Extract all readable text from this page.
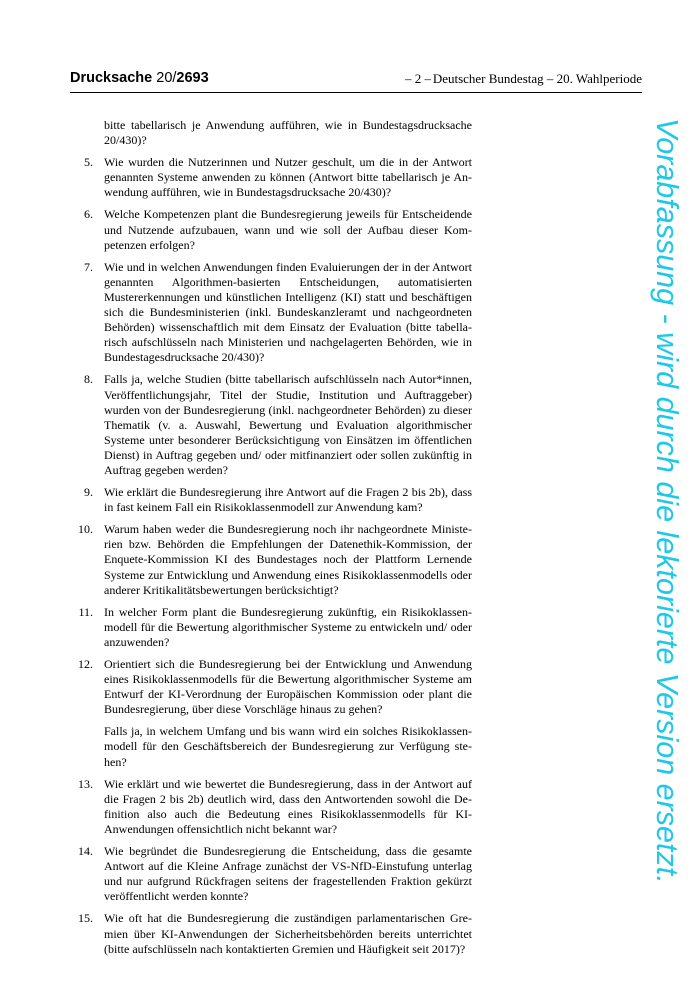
Drucksache 20/2693	– 2 – Deutscher Bundestag – 20. Wahlperiode
bitte tabellarisch je Anwendung aufführen, wie in Bundestagsdrucksache 20/430)?
5. Wie wurden die Nutzerinnen und Nutzer geschult, um die in der Antwort genannten Systeme anwenden zu können (Antwort bitte tabellarisch je Anwendung aufführen, wie in Bundestagsdrucksache 20/430)?
6. Welche Kompetenzen plant die Bundesregierung jeweils für Entscheidende und Nutzende aufzubauen, wann und wie soll der Aufbau dieser Kompetenzen erfolgen?
7. Wie und in welchen Anwendungen finden Evaluierungen der in der Antwort genannten Algorithmen-basierten Entscheidungen, automatisierten Mustererkennungen und künstlichen Intelligenz (KI) statt und beschäftigen sich die Bundesministerien (inkl. Bundeskanzleramt und nachgeordneten Behörden) wissenschaftlich mit dem Einsatz der Evaluation (bitte tabellarisch aufschlüsseln nach Ministerien und nachgelagerten Behörden, wie in Bundestagesdrucksache 20/430)?
8. Falls ja, welche Studien (bitte tabellarisch aufschlüsseln nach Autor*innen, Veröffentlichungsjahr, Titel der Studie, Institution und Auftraggeber) wurden von der Bundesregierung (inkl. nachgeordneter Behörden) zu dieser Thematik (v. a. Auswahl, Bewertung und Evaluation algorithmischer Systeme unter besonderer Berücksichtigung von Einsätzen im öffentlichen Dienst) in Auftrag gegeben und/ oder mitfinanziert oder sollen zukünftig in Auftrag gegeben werden?
9. Wie erklärt die Bundesregierung ihre Antwort auf die Fragen 2 bis 2b), dass in fast keinem Fall ein Risikoklassenmodell zur Anwendung kam?
10. Warum haben weder die Bundesregierung noch ihr nachgeordnete Ministerien bzw. Behörden die Empfehlungen der Datenethik-Kommission, der Enquete-Kommission KI des Bundestages noch der Plattform Lernende Systeme zur Entwicklung und Anwendung eines Risikoklassenmodells oder anderer Kritikalitätsbewertungen berücksichtigt?
11. In welcher Form plant die Bundesregierung zukünftig, ein Risikoklassenmodell für die Bewertung algorithmischer Systeme zu entwickeln und/ oder anzuwenden?
12. Orientiert sich die Bundesregierung bei der Entwicklung und Anwendung eines Risikoklassenmodells für die Bewertung algorithmischer Systeme am Entwurf der KI-Verordnung der Europäischen Kommission oder plant die Bundesregierung, über diese Vorschläge hinaus zu gehen?
Falls ja, in welchem Umfang und bis wann wird ein solches Risikoklassenmodell für den Geschäftsbereich der Bundesregierung zur Verfügung stehen?
13. Wie erklärt und wie bewertet die Bundesregierung, dass in der Antwort auf die Fragen 2 bis 2b) deutlich wird, dass den Antwortenden sowohl die Definition also auch die Bedeutung eines Risikoklassenmodells für KI-Anwendungen offensichtlich nicht bekannt war?
14. Wie begründet die Bundesregierung die Entscheidung, dass die gesamte Antwort auf die Kleine Anfrage zunächst der VS-NfD-Einstufung unterlag und nur aufgrund Rückfragen seitens der fragestellenden Fraktion gekürzt veröffentlicht werden konnte?
15. Wie oft hat die Bundesregierung die zuständigen parlamentarischen Gremien über KI-Anwendungen der Sicherheitsbehörden bereits unterrichtet (bitte aufschlüsseln nach kontaktierten Gremien und Häufigkeit seit 2017)?
Vorabfassung - wird durch die lektorierte Version ersetzt.
